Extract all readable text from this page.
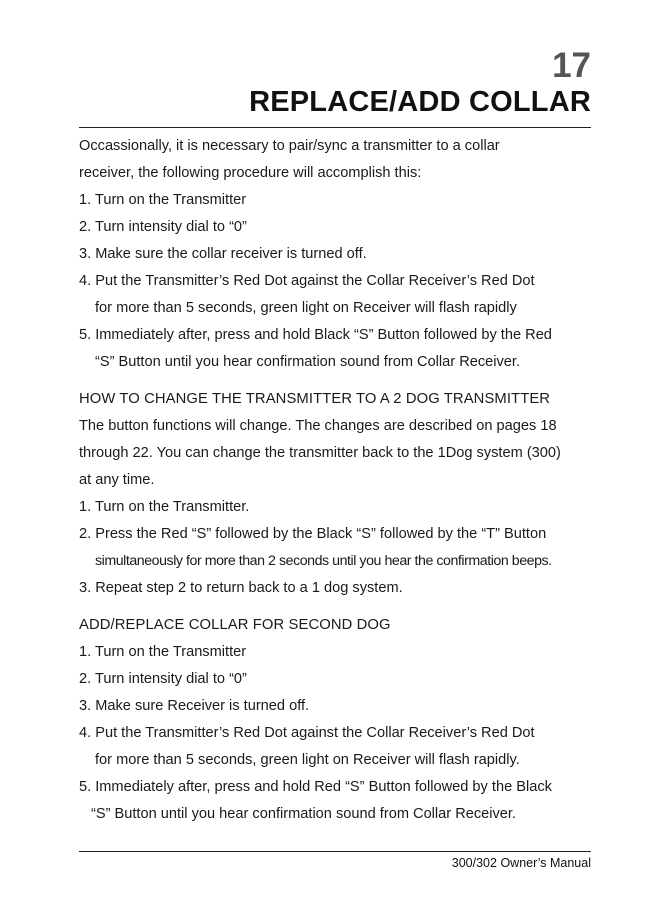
17
REPLACE/ADD COLLAR
Occassionally, it is necessary to pair/sync a transmitter to a collar
receiver, the following procedure will accomplish this:
1. Turn on the Transmitter
2. Turn intensity dial to “0”
3. Make sure the collar receiver is turned off.
4. Put the Transmitter’s Red Dot against the Collar Receiver’s Red Dot
for more than 5 seconds, green light on Receiver will flash rapidly
5. Immediately after, press and hold Black “S” Button followed by the Red
“S” Button until you hear confirmation sound from Collar Receiver.
HOW TO CHANGE THE TRANSMITTER TO A 2 DOG TRANSMITTER
The button functions will change. The changes are described on pages 18
through 22. You can change the transmitter back to the 1Dog system (300)
at any time.
1. Turn on the Transmitter.
2. Press the Red “S” followed by the Black “S” followed by the “T” Button
simultaneously for more than 2 seconds until you hear the confirmation beeps.
3. Repeat step 2 to return back to a 1 dog system.
ADD/REPLACE COLLAR FOR SECOND DOG
1. Turn on the Transmitter
2. Turn intensity dial to “0”
3. Make sure Receiver is turned off.
4. Put the Transmitter’s Red Dot against the Collar Receiver’s Red Dot
for more than 5 seconds, green light on Receiver will flash rapidly.
5. Immediately after, press and hold Red “S” Button followed by the Black
“S” Button until you hear confirmation sound from Collar Receiver.
300/302 Owner’s Manual
